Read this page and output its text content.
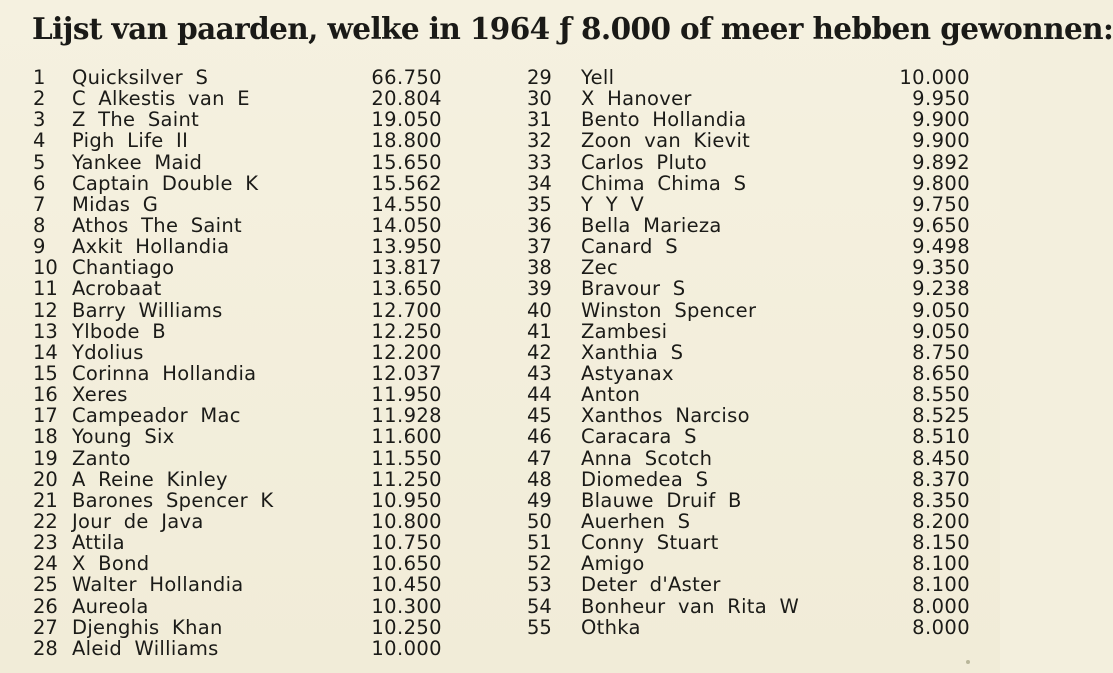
Lijst van paarden, welke in 1964 ƒ 8.000 of meer hebben gewonnen:
1 Quicksilver S	66.750
2 C Alkestis van E	20.804
3 Z The Saint	19.050
4 Pigh Life II	18.800
5 Yankee Maid	15.650
6 Captain Double K	15.562
7 Midas G	14.550
8 Athos The Saint	14.050
9 Axkit Hollandia	13.950
10 Chantiago	13.817
11 Acrobaat	13.650
12 Barry Williams	12.700
13 Ylbode B	12.250
14 Ydolius	12.200
15 Corinna Hollandia	12.037
16 Xeres	11.950
17 Campeador Mac	11.928
18 Young Six	11.600
19 Zanto	11.550
20 A Reine Kinley	11.250
21 Barones Spencer K	10.950
22 Jour de Java	10.800
23 Attila	10.750
24 X Bond	10.650
25 Walter Hollandia	10.450
26 Aureola	10.300
27 Djenghis Khan	10.250
28 Aleid Williams	10.000
29 Yell	10.000
30 X Hanover	9.950
31 Bento Hollandia	9.900
32 Zoon van Kievit	9.900
33 Carlos Pluto	9.892
34 Chima Chima S	9.800
35 Y Y V	9.750
36 Bella Marieza	9.650
37 Canard S	9.498
38 Zec	9.350
39 Bravour S	9.238
40 Winston Spencer	9.050
41 Zambesi	9.050
42 Xanthia S	8.750
43 Astyanax	8.650
44 Anton	8.550
45 Xanthos Narciso	8.525
46 Caracara S	8.510
47 Anna Scotch	8.450
48 Diomedea S	8.370
49 Blauwe Druif B	8.350
50 Auerhen S	8.200
51 Conny Stuart	8.150
52 Amigo	8.100
53 Deter d'Aster	8.100
54 Bonheur van Rita W	8.000
55 Othka	8.000
